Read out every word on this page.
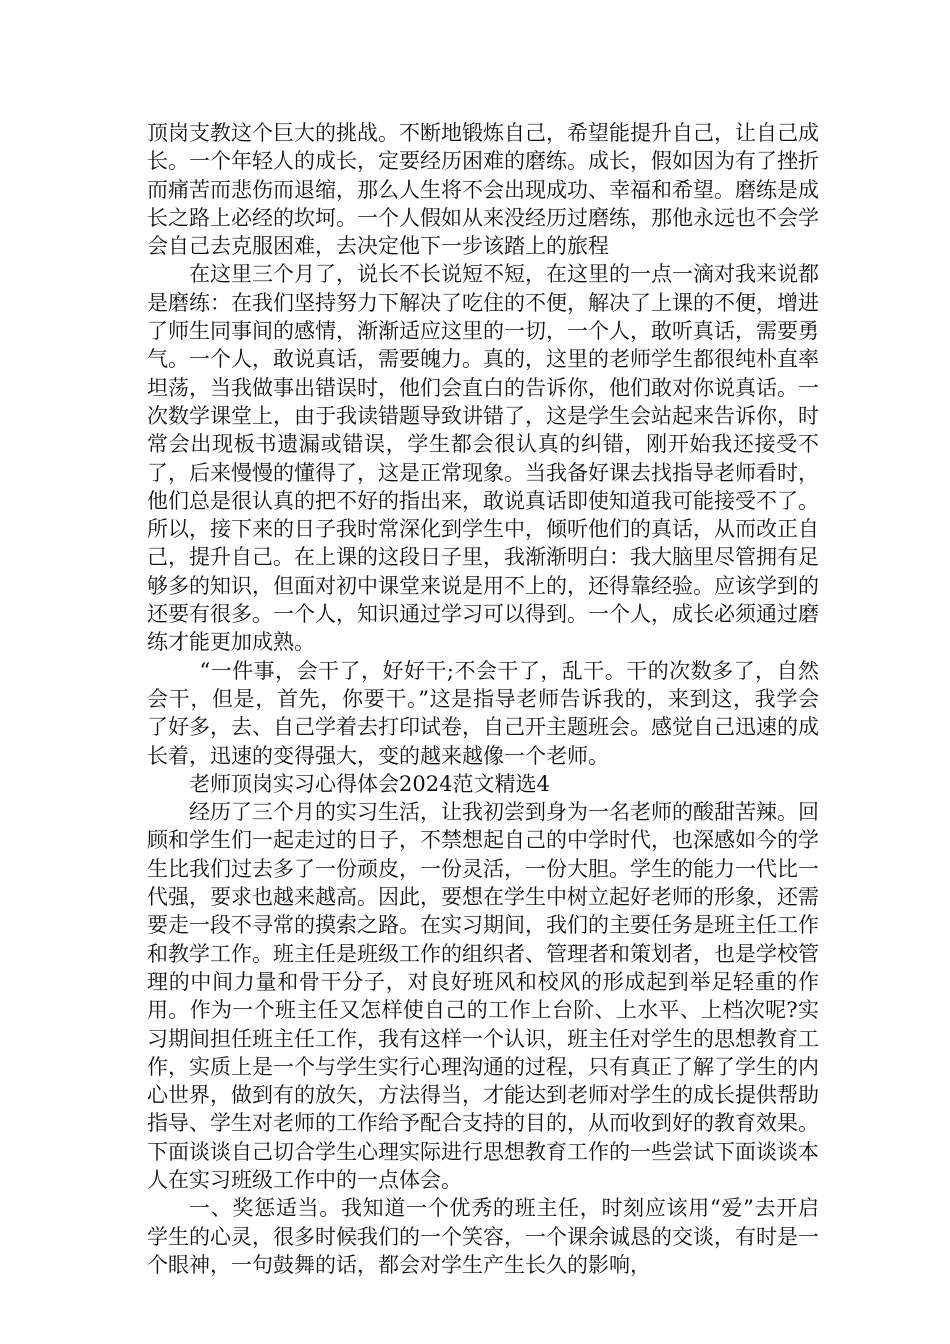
顶岗支教这个巨大的挑战。不断地锻炼自己，希望能提升自己，让自己成长。一个年轻人的成长，定要经历困难的磨练。成长，假如因为有了挫折而痛苦而悲伤而退缩，那么人生将不会出现成功、幸福和希望。磨练是成长之路上必经的坎坷。一个人假如从来没经历过磨练，那他永远也不会学会自己去克服困难，去决定他下一步该踏上的旅程

在这里三个月了，说长不长说短不短，在这里的一点一滴对我来说都是磨练：在我们坚持努力下解决了吃住的不便，解决了上课的不便，增进了师生同事间的感情，渐渐适应这里的一切，一个人，敢听真话，需要勇气。一个人，敢说真话，需要魄力。真的，这里的老师学生都很纯朴直率坦荡，当我做事出错误时，他们会直白的告诉你，他们敢对你说真话。一次数学课堂上，由于我读错题导致讲错了，这是学生会站起来告诉你，时常会出现板书遗漏或错误，学生都会很认真的纠错，刚开始我还接受不了，后来慢慢的懂得了，这是正常现象。当我备好课去找指导老师看时，他们总是很认真的把不好的指出来，敢说真话即使知道我可能接受不了。所以，接下来的日子我时常深化到学生中，倾听他们的真话，从而改正自己，提升自己。在上课的这段日子里，我渐渐明白：我大脑里尽管拥有足够多的知识，但面对初中课堂来说是用不上的，还得靠经验。应该学到的还要有很多。一个人，知识通过学习可以得到。一个人，成长必须通过磨练才能更加成熟。

“一件事，会干了，好好干;不会干了，乱干。干的次数多了，自然会干，但是，首先，你要干。”这是指导老师告诉我的，来到这，我学会了好多，去、自己学着去打印试卷，自己开主题班会。感觉自己迅速的成长着，迅速的变得强大，变的越来越像一个老师。

老师顶岗实习心得体会2024范文精选4

经历了三个月的实习生活，让我初尝到身为一名老师的酸甜苦辣。回顾和学生们一起走过的日子，不禁想起自己的中学时代，也深感如今的学生比我们过去多了一份顽皮，一份灵活，一份大胆。学生的能力一代比一代强，要求也越来越高。因此，要想在学生中树立起好老师的形象，还需要走一段不寻常的摸索之路。在实习期间，我们的主要任务是班主任工作和教学工作。班主任是班级工作的组织者、管理者和策划者，也是学校管理的中间力量和骨干分子，对良好班风和校风的形成起到举足轻重的作用。作为一个班主任又怎样使自己的工作上台阶、上水平、上档次呢?实习期间担任班主任工作，我有这样一个认识，班主任对学生的思想教育工作，实质上是一个与学生实行心理沟通的过程，只有真正了解了学生的内心世界，做到有的放矢，方法得当，才能达到老师对学生的成长提供帮助指导、学生对老师的工作给予配合支持的目的，从而收到好的教育效果。下面谈谈自己切合学生心理实际进行思想教育工作的一些尝试下面谈谈本人在实习班级工作中的一点体会。

一、奖惩适当。我知道一个优秀的班主任，时刻应该用“爱”去开启学生的心灵，很多时候我们的一个笑容，一个课余诚恳的交谈，有时是一个眼神，一句鼓舞的话，都会对学生产生长久的影响，
